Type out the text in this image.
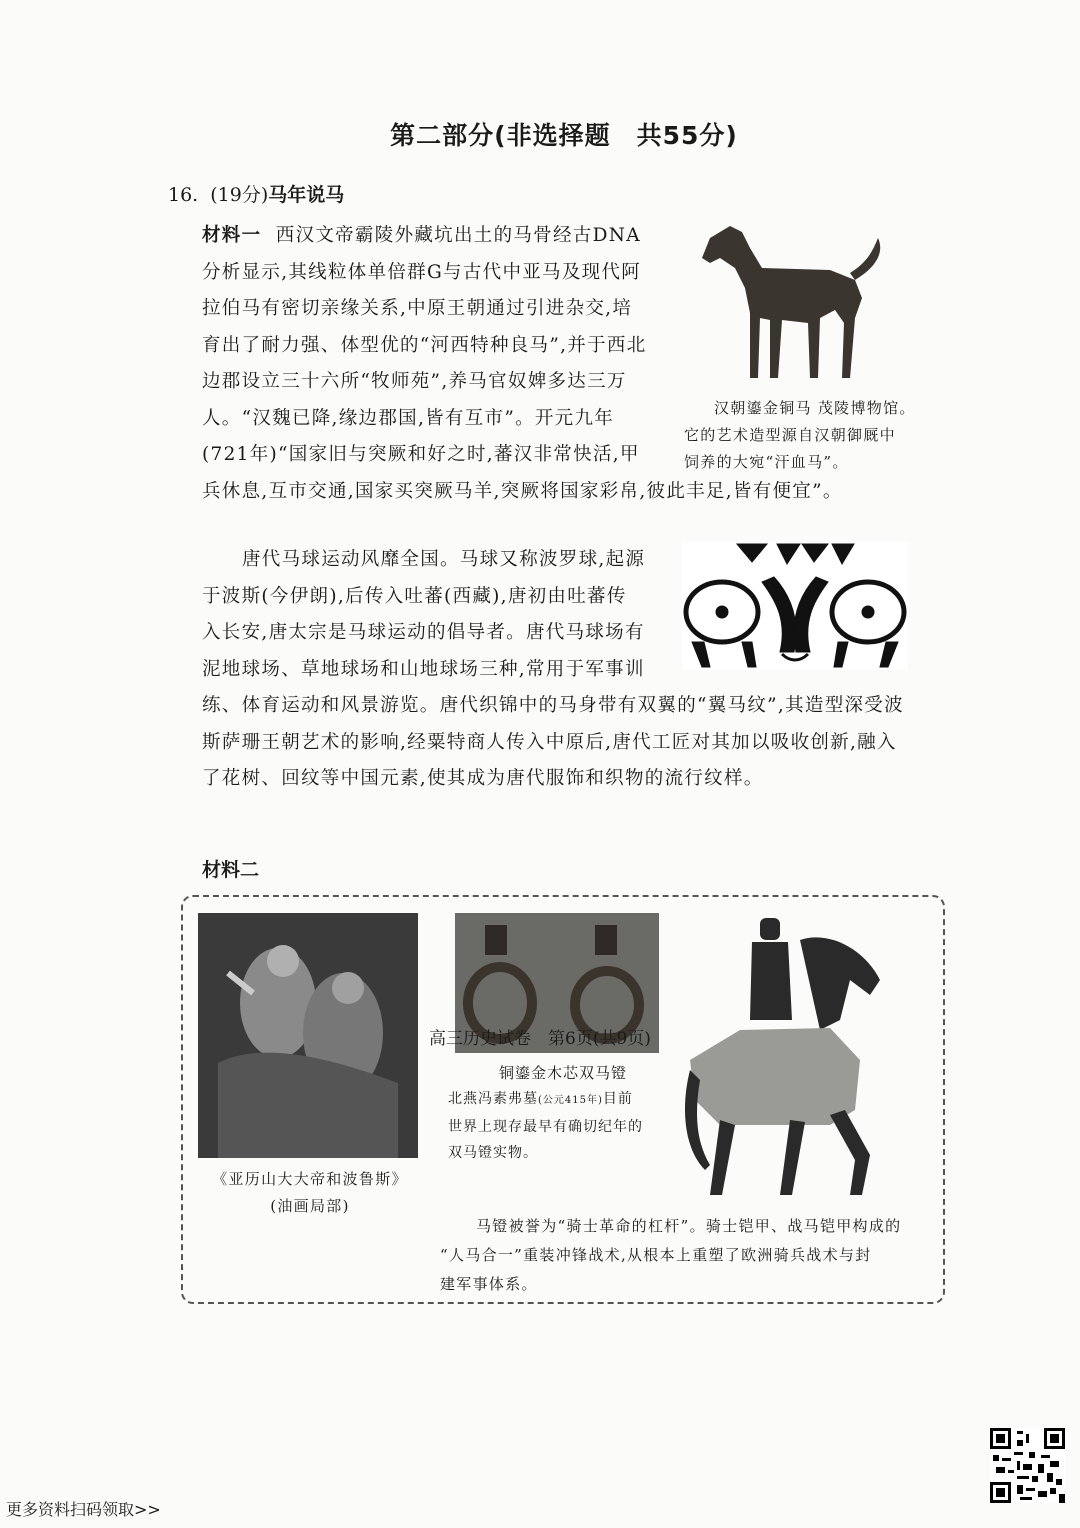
第二部分(非选择题　共55分)
16. (19分)马年说马
材料一 西汉文帝霸陵外藏坑出土的马骨经古DNA
分析显示,其线粒体单倍群G与古代中亚马及现代阿
拉伯马有密切亲缘关系,中原王朝通过引进杂交,培
育出了耐力强、体型优的“河西特种良马”,并于西北
边郡设立三十六所“牧师苑”,养马官奴婢多达三万
人。“汉魏已降,缘边郡国,皆有互市”。开元九年
(721年)“国家旧与突厥和好之时,蕃汉非常快活,甲
兵休息,互市交通,国家买突厥马羊,突厥将国家彩帛,彼此丰足,皆有便宜”。
汉朝鎏金铜马 茂陵博物馆。
它的艺术造型源自汉朝御厩中
饲养的大宛“汗血马”。
唐代马球运动风靡全国。马球又称波罗球,起源
于波斯(今伊朗),后传入吐蕃(西藏),唐初由吐蕃传
入长安,唐太宗是马球运动的倡导者。唐代马球场有
泥地球场、草地球场和山地球场三种,常用于军事训
练、体育运动和风景游览。唐代织锦中的马身带有双翼的“翼马纹”,其造型深受波
斯萨珊王朝艺术的影响,经粟特商人传入中原后,唐代工匠对其加以吸收创新,融入
了花树、回纹等中国元素,使其成为唐代服饰和织物的流行纹样。
材料二
《亚历山大大帝和波鲁斯》
(油画局部)
铜鎏金木芯双马镫
北燕冯素弗墓(公元415年)目前
世界上现存最早有确切纪年的
双马镫实物。
马镫被誉为“骑士革命的杠杆”。骑士铠甲、战马铠甲构成的
“人马合一”重装冲锋战术,从根本上重塑了欧洲骑兵战术与封
建军事体系。
高三历史试卷　第6页(共9页)
更多资料扫码领取>>
